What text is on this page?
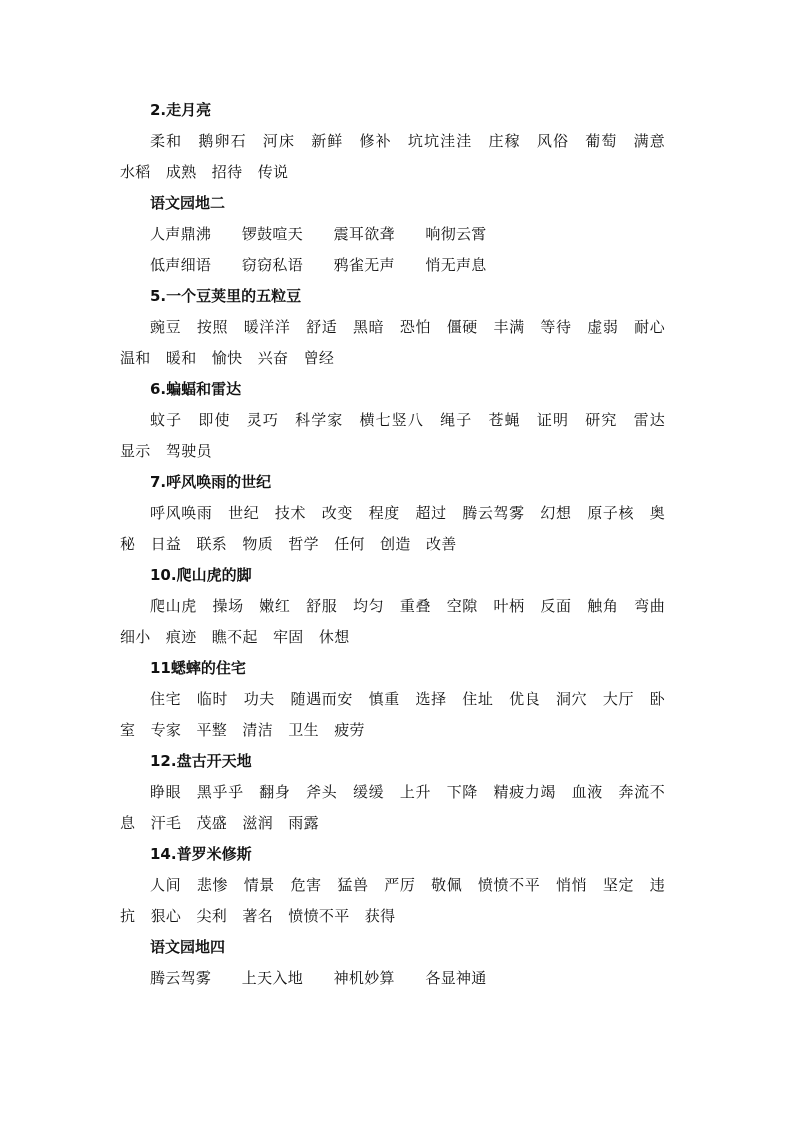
2.走月亮

柔和　鹅卵石　河床　新鲜　修补　坑坑洼洼　庄稼　风俗　葡萄　满意　水稻　成熟　招待　传说

语文园地二

人声鼎沸　　锣鼓喧天　　震耳欲聋　　响彻云霄

低声细语　　窃窃私语　　鸦雀无声　　悄无声息

5.一个豆荚里的五粒豆

豌豆　按照　暖洋洋　舒适　黑暗　恐怕　僵硬　丰满　等待　虚弱　耐心温和　暖和　愉快　兴奋　曾经

6.蝙蝠和雷达

蚊子　即使　灵巧　科学家　横七竖八　绳子　苍蝇　证明　研究　雷达　显示　驾驶员

7.呼风唤雨的世纪

呼风唤雨　世纪　技术　改变　程度　超过　腾云驾雾　幻想　原子核　奥秘　日益　联系　物质　哲学　任何　创造　改善

10.爬山虎的脚

爬山虎　操场　嫩红　舒服　均匀　重叠　空隙　叶柄　反面　触角　弯曲　细小　痕迹　瞧不起　牢固　休想

11蟋蟀的住宅

住宅　临时　功夫　随遇而安　慎重　选择　住址　优良　洞穴　大厅　卧室　专家　平整　清洁　卫生　疲劳

12.盘古开天地

睁眼　黑乎乎　翻身　斧头　缓缓　上升　下降　精疲力竭　血液　奔流不息　汗毛　茂盛　滋润　雨露

14.普罗米修斯

人间　悲惨　情景　危害　猛兽　严厉　敬佩　愤愤不平　悄悄　坚定　违抗　狠心　尖利　著名　愤愤不平　获得

语文园地四

腾云驾雾　　上天入地　　神机妙算　　各显神通
